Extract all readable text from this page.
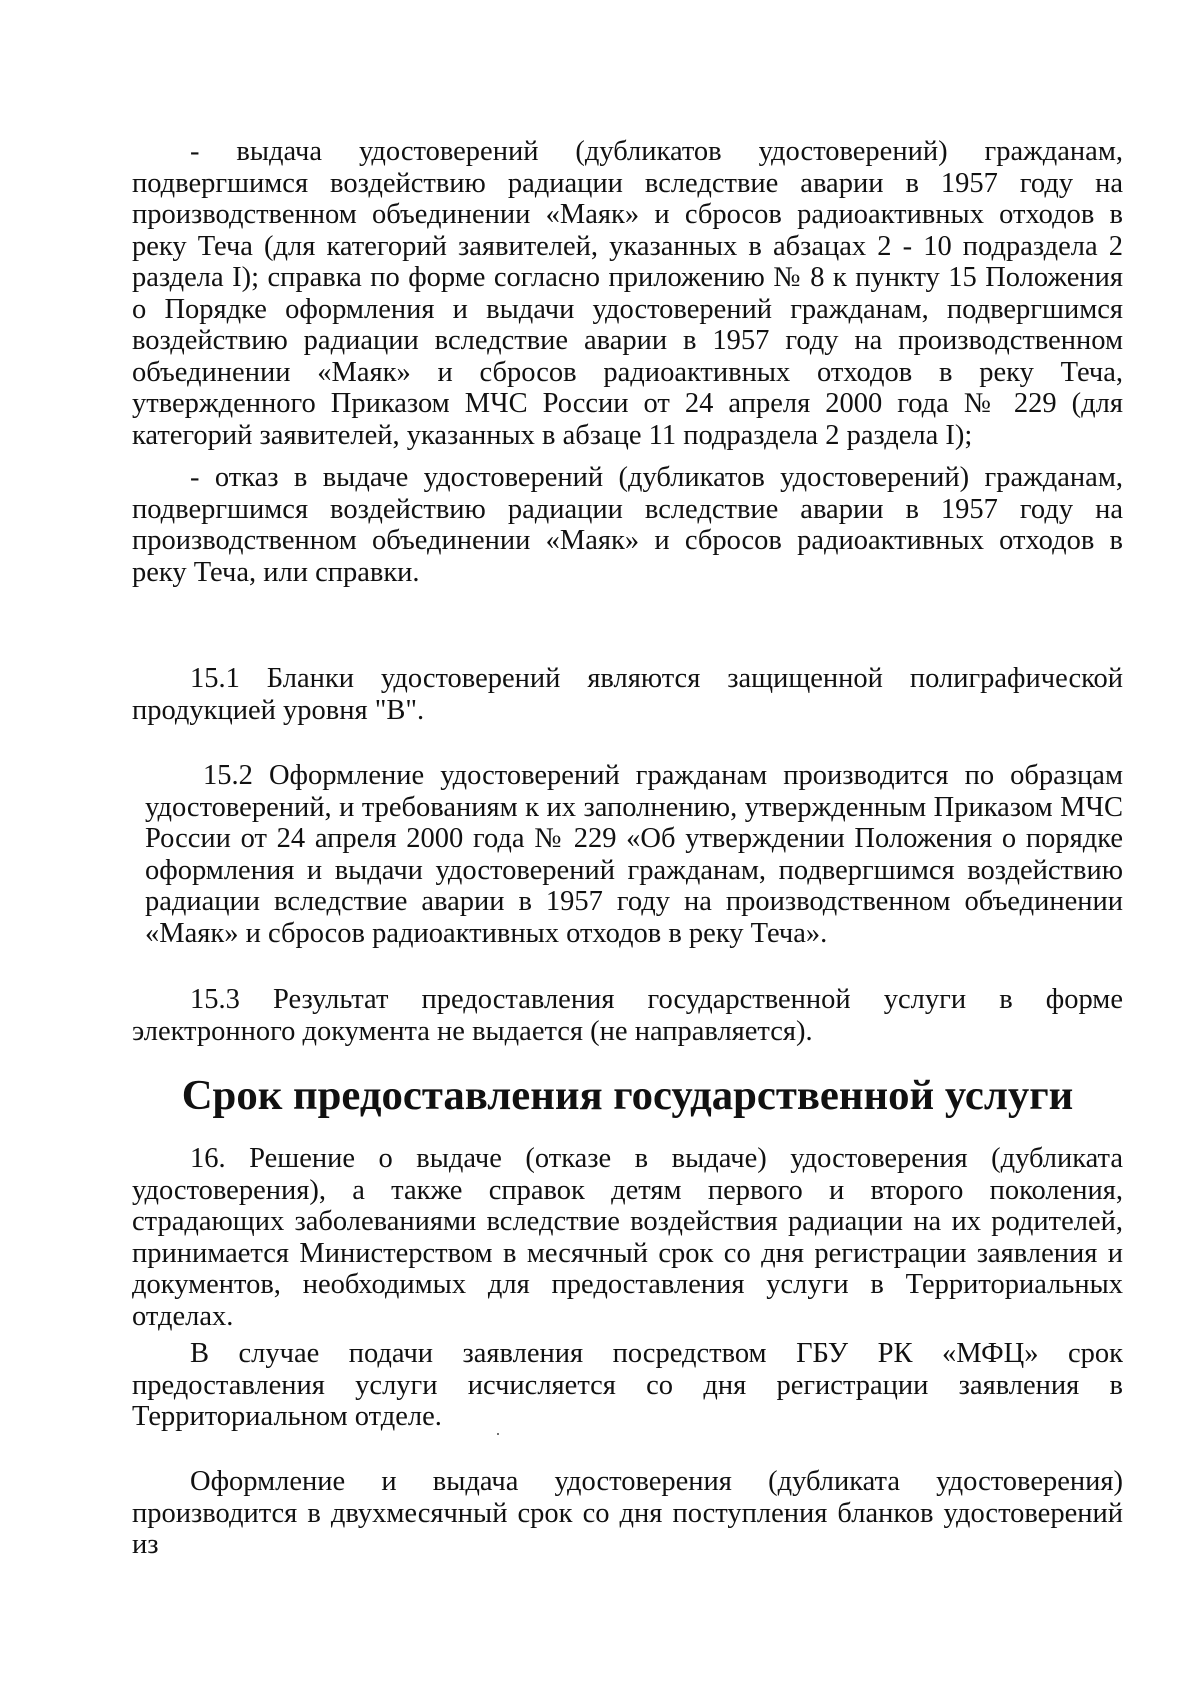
- выдача удостоверений (дубликатов удостоверений) гражданам, подвергшимся воздействию радиации вследствие аварии в 1957 году на производственном объединении «Маяк» и сбросов радиоактивных отходов в реку Теча (для категорий заявителей, указанных в абзацах 2 - 10 подраздела 2 раздела I); справка по форме согласно приложению № 8 к пункту 15 Положения о Порядке оформления и выдачи удостоверений гражданам, подвергшимся воздействию радиации вследствие аварии в 1957 году на производственном объединении «Маяк» и сбросов радиоактивных отходов в реку Теча, утвержденного Приказом МЧС России от 24 апреля 2000 года № 229 (для категорий заявителей, указанных в абзаце 11 подраздела 2 раздела I);

- отказ в выдаче удостоверений (дубликатов удостоверений) гражданам, подвергшимся воздействию радиации вследствие аварии в 1957 году на производственном объединении «Маяк» и сбросов радиоактивных отходов в реку Теча, или справки.

15.1 Бланки удостоверений являются защищенной полиграфической продукцией уровня "В".

15.2 Оформление удостоверений гражданам производится по образцам удостоверений, и требованиям к их заполнению, утвержденным Приказом МЧС России от 24 апреля 2000 года № 229 «Об утверждении Положения о порядке оформления и выдачи удостоверений гражданам, подвергшимся воздействию радиации вследствие аварии в 1957 году на производственном объединении «Маяк» и сбросов радиоактивных отходов в реку Теча».

15.3 Результат предоставления государственной услуги в форме электронного документа не выдается (не направляется).

Срок предоставления государственной услуги

16. Решение о выдаче (отказе в выдаче) удостоверения (дубликата удостоверения), а также справок детям первого и второго поколения, страдающих заболеваниями вследствие воздействия радиации на их родителей, принимается Министерством в месячный срок со дня регистрации заявления и документов, необходимых для предоставления услуги в Территориальных отделах.

В случае подачи заявления посредством ГБУ РК «МФЦ» срок предоставления услуги исчисляется со дня регистрации заявления в Территориальном отделе.

Оформление и выдача удостоверения (дубликата удостоверения) производится в двухмесячный срок со дня поступления бланков удостоверений из
